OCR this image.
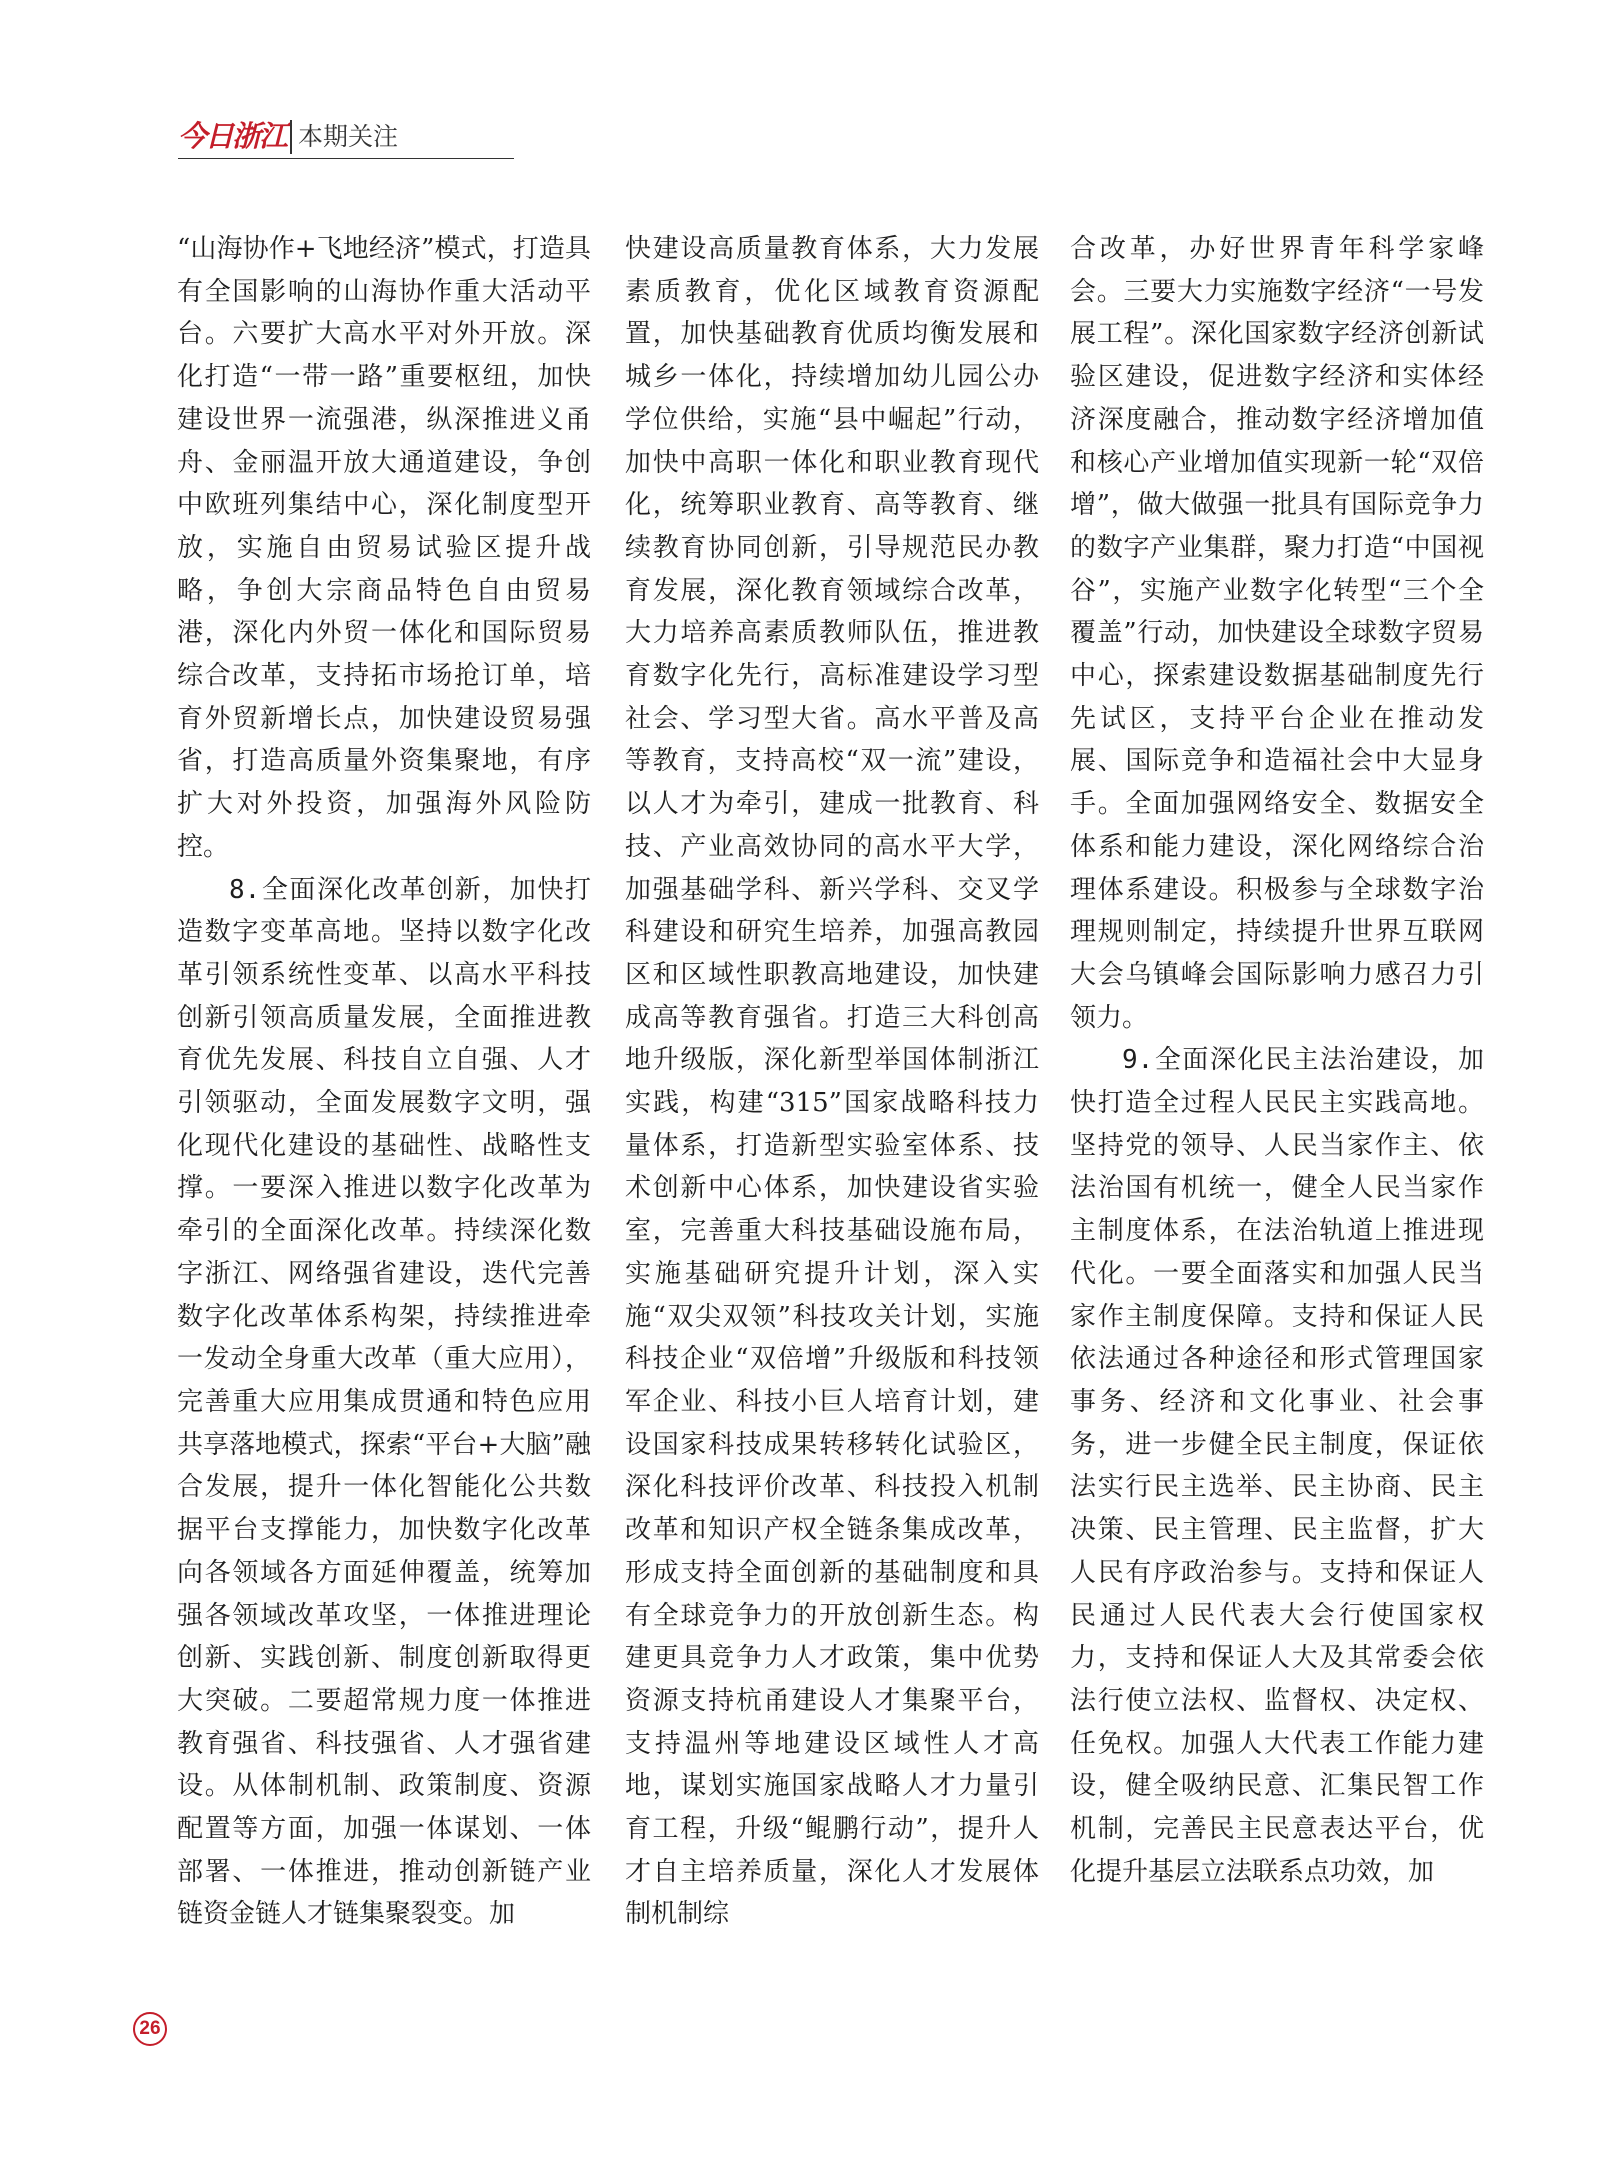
今日浙江 本期关注

“山海协作+飞地经济”模式，打造具有全国影响的山海协作重大活动平台。六要扩大高水平对外开放。深化打造“一带一路”重要枢纽，加快建设世界一流强港，纵深推进义甬舟、金丽温开放大通道建设，争创中欧班列集结中心，深化制度型开放，实施自由贸易试验区提升战略，争创大宗商品特色自由贸易港，深化内外贸一体化和国际贸易综合改革，支持拓市场抢订单，培育外贸新增长点，加快建设贸易强省，打造高质量外资集聚地，有序扩大对外投资，加强海外风险防控。

8.全面深化改革创新，加快打造数字变革高地。坚持以数字化改革引领系统性变革、以高水平科技创新引领高质量发展，全面推进教育优先发展、科技自立自强、人才引领驱动，全面发展数字文明，强化现代化建设的基础性、战略性支撑。一要深入推进以数字化改革为牵引的全面深化改革。持续深化数字浙江、网络强省建设，迭代完善数字化改革体系构架，持续推进牵一发动全身重大改革（重大应用），完善重大应用集成贯通和特色应用共享落地模式，探索“平台+大脑”融合发展，提升一体化智能化公共数据平台支撑能力，加快数字化改革向各领域各方面延伸覆盖，统筹加强各领域改革攻坚，一体推进理论创新、实践创新、制度创新取得更大突破。二要超常规力度一体推进教育强省、科技强省、人才强省建设。从体制机制、政策制度、资源配置等方面，加强一体谋划、一体部署、一体推进，推动创新链产业链资金链人才链集聚裂变。加

快建设高质量教育体系，大力发展素质教育，优化区域教育资源配置，加快基础教育优质均衡发展和城乡一体化，持续增加幼儿园公办学位供给，实施“县中崛起”行动，加快中高职一体化和职业教育现代化，统筹职业教育、高等教育、继续教育协同创新，引导规范民办教育发展，深化教育领域综合改革，大力培养高素质教师队伍，推进教育数字化先行，高标准建设学习型社会、学习型大省。高水平普及高等教育，支持高校“双一流”建设，以人才为牵引，建成一批教育、科技、产业高效协同的高水平大学，加强基础学科、新兴学科、交叉学科建设和研究生培养，加强高教园区和区域性职教高地建设，加快建成高等教育强省。打造三大科创高地升级版，深化新型举国体制浙江实践，构建“315”国家战略科技力量体系，打造新型实验室体系、技术创新中心体系，加快建设省实验室，完善重大科技基础设施布局，实施基础研究提升计划，深入实施“双尖双领”科技攻关计划，实施科技企业“双倍增”升级版和科技领军企业、科技小巨人培育计划，建设国家科技成果转移转化试验区，深化科技评价改革、科技投入机制改革和知识产权全链条集成改革，形成支持全面创新的基础制度和具有全球竞争力的开放创新生态。构建更具竞争力人才政策，集中优势资源支持杭甬建设人才集聚平台，支持温州等地建设区域性人才高地，谋划实施国家战略人才力量引育工程，升级“鲲鹏行动”，提升人才自主培养质量，深化人才发展体制机制综

合改革，办好世界青年科学家峰会。三要大力实施数字经济“一号发展工程”。深化国家数字经济创新试验区建设，促进数字经济和实体经济深度融合，推动数字经济增加值和核心产业增加值实现新一轮“双倍增”，做大做强一批具有国际竞争力的数字产业集群，聚力打造“中国视谷”，实施产业数字化转型“三个全覆盖”行动，加快建设全球数字贸易中心，探索建设数据基础制度先行先试区，支持平台企业在推动发展、国际竞争和造福社会中大显身手。全面加强网络安全、数据安全体系和能力建设，深化网络综合治理体系建设。积极参与全球数字治理规则制定，持续提升世界互联网大会乌镇峰会国际影响力感召力引领力。

9.全面深化民主法治建设，加快打造全过程人民民主实践高地。坚持党的领导、人民当家作主、依法治国有机统一，健全人民当家作主制度体系，在法治轨道上推进现代化。一要全面落实和加强人民当家作主制度保障。支持和保证人民依法通过各种途径和形式管理国家事务、经济和文化事业、社会事务，进一步健全民主制度，保证依法实行民主选举、民主协商、民主决策、民主管理、民主监督，扩大人民有序政治参与。支持和保证人民通过人民代表大会行使国家权力，支持和保证人大及其常委会依法行使立法权、监督权、决定权、任免权。加强人大代表工作能力建设，健全吸纳民意、汇集民智工作机制，完善民主民意表达平台，优化提升基层立法联系点功效，加

26
